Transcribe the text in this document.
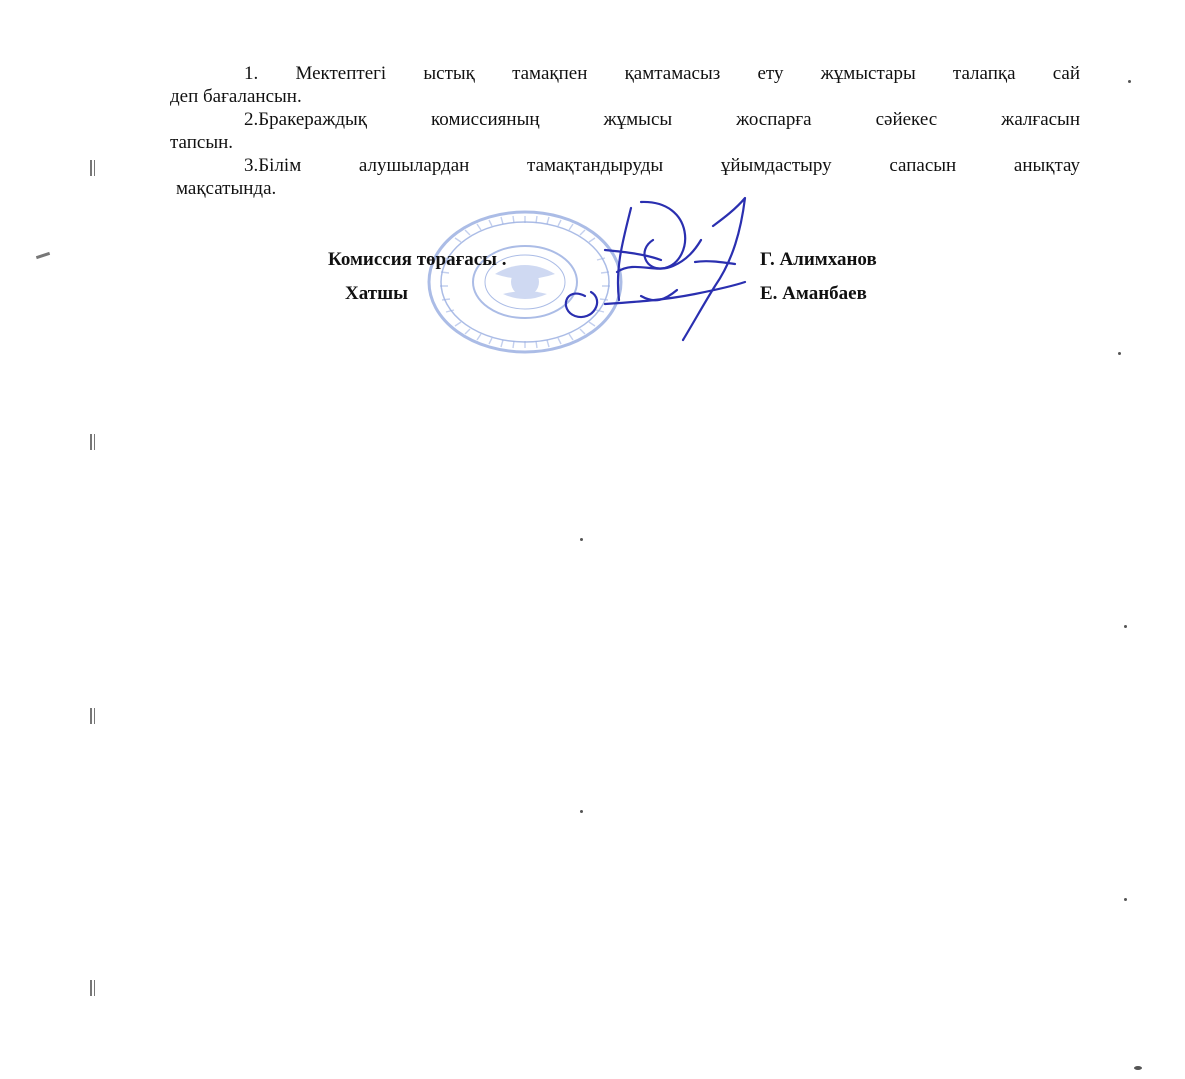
1. Мектептегі ыстық тамақпен қамтамасыз ету жұмыстары талапқа сай
деп бағалансын.

2.Бракераждық комиссияның жұмысы жоспарға сәйекес жалғасын
тапсын.

3.Білім алушылардан тамақтандыруды ұйымдастыру сапасын анықтау
мақсатында.

Комиссия төрағасы .	Г. Алимханов
Хатшы	Е. Аманбаев
